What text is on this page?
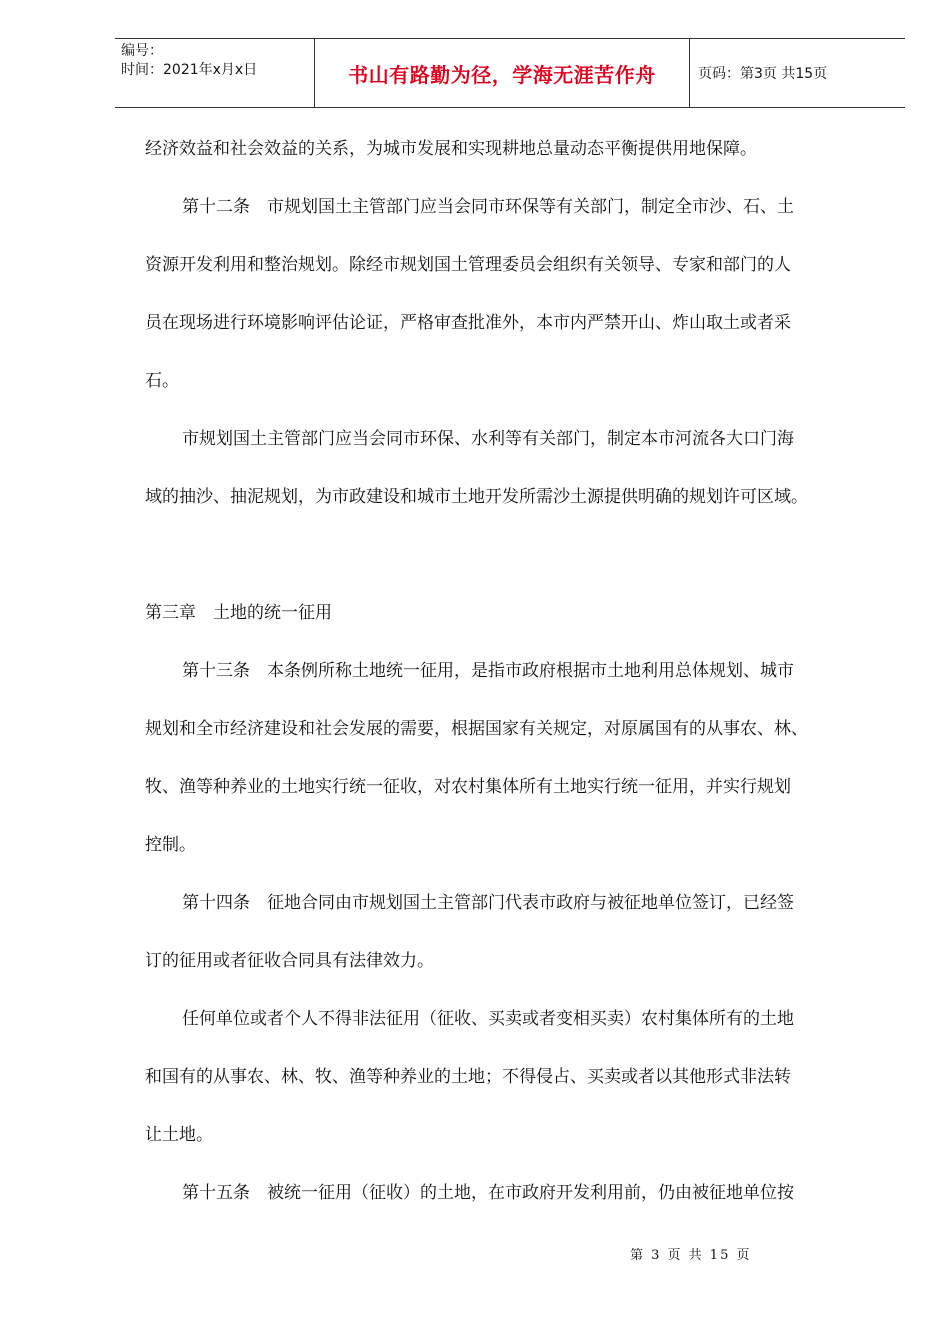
编号：
时间：2021年x月x日	书山有路勤为径，学海无涯苦作舟	页码：第3页 共15页
经济效益和社会效益的关系，为城市发展和实现耕地总量动态平衡提供用地保障。
第十二条　市规划国土主管部门应当会同市环保等有关部门，制定全市沙、石、土
资源开发利用和整治规划。除经市规划国土管理委员会组织有关领导、专家和部门的人
员在现场进行环境影响评估论证，严格审查批准外，本市内严禁开山、炸山取土或者采
石。
市规划国土主管部门应当会同市环保、水利等有关部门，制定本市河流各大口门海
域的抽沙、抽泥规划，为市政建设和城市土地开发所需沙土源提供明确的规划许可区域。
第三章　土地的统一征用
第十三条　本条例所称土地统一征用，是指市政府根据市土地利用总体规划、城市
规划和全市经济建设和社会发展的需要，根据国家有关规定，对原属国有的从事农、林、
牧、渔等种养业的土地实行统一征收，对农村集体所有土地实行统一征用，并实行规划
控制。
第十四条　征地合同由市规划国土主管部门代表市政府与被征地单位签订，已经签
订的征用或者征收合同具有法律效力。
任何单位或者个人不得非法征用（征收、买卖或者变相买卖）农村集体所有的土地
和国有的从事农、林、牧、渔等种养业的土地；不得侵占、买卖或者以其他形式非法转
让土地。
第十五条　被统一征用（征收）的土地，在市政府开发利用前，仍由被征地单位按
第 3 页 共 15 页
